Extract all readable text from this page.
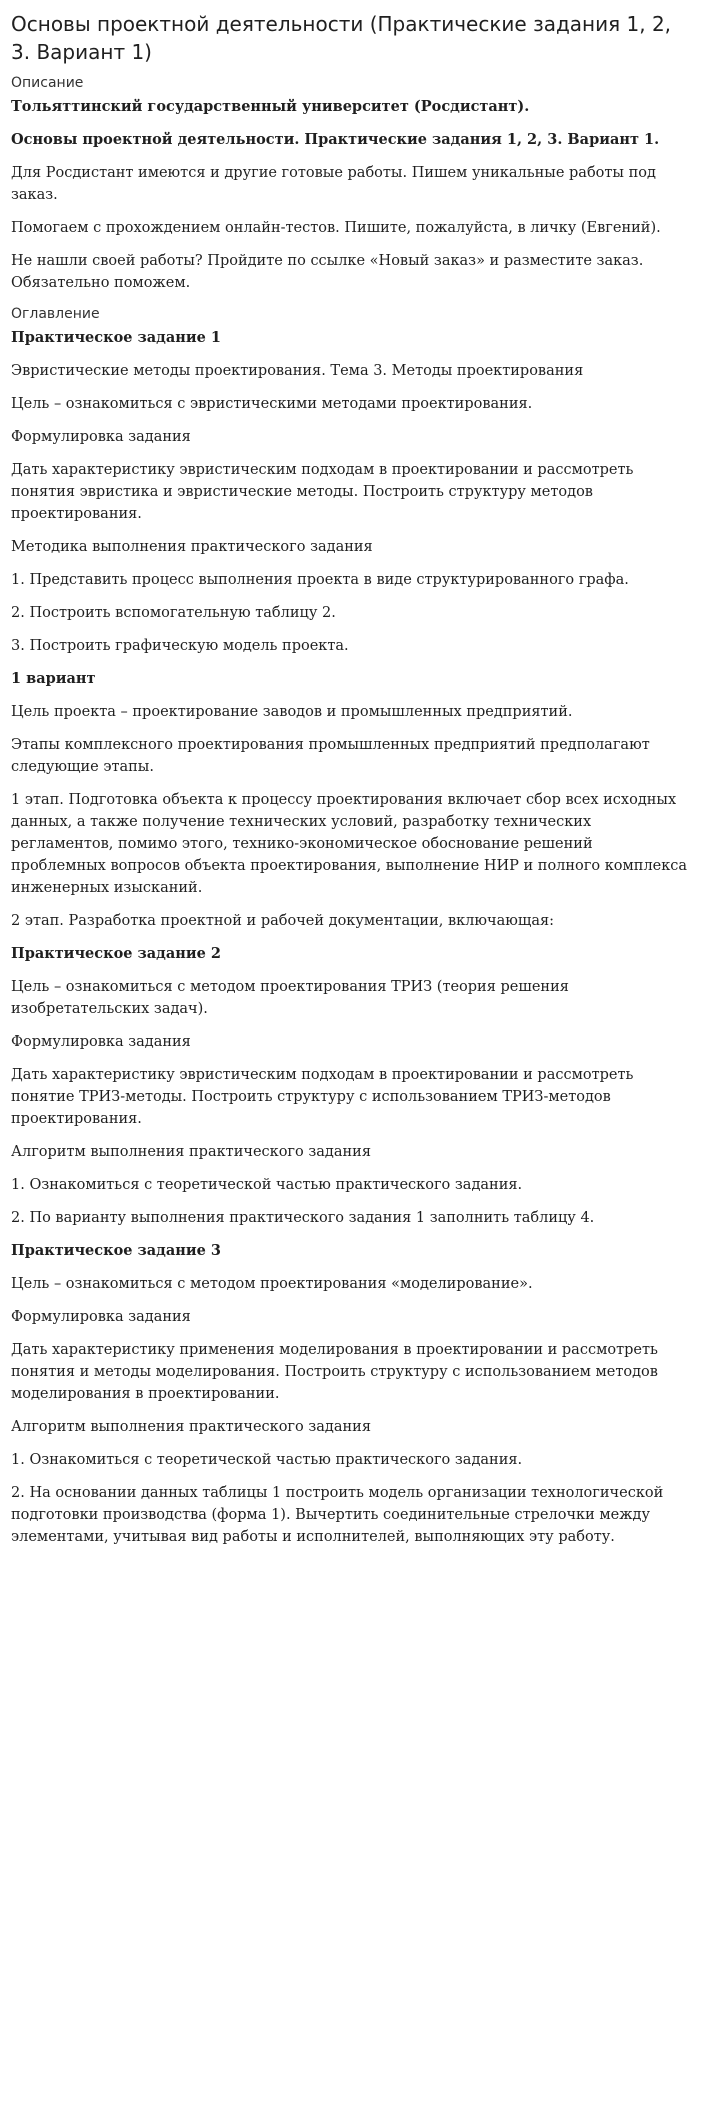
Основы проектной деятельности (Практические задания 1, 2, 3. Вариант 1)
Описание

Тольяттинский государственный университет (Росдистант).

Основы проектной деятельности. Практические задания 1, 2, 3. Вариант 1.

Для Росдистант имеются и другие готовые работы. Пишем уникальные работы под заказ.

Помогаем с прохождением онлайн-тестов. Пишите, пожалуйста, в личку (Евгений).

Не нашли своей работы? Пройдите по ссылке «Новый заказ» и разместите заказ. Обязательно поможем.

Оглавление

Практическое задание 1

Эвристические методы проектирования. Тема 3. Методы проектирования

Цель – ознакомиться с эвристическими методами проектирования.

Формулировка задания

Дать характеристику эвристическим подходам в проектировании и рассмотреть понятия эвристика и эвристические методы. Построить структуру методов проектирования.

Методика выполнения практического задания

1. Представить процесс выполнения проекта в виде структурированного графа.

2. Построить вспомогательную таблицу 2.

3. Построить графическую модель проекта.

1 вариант

Цель проекта – проектирование заводов и промышленных предприятий.

Этапы комплексного проектирования промышленных предприятий предполагают следующие этапы.

1 этап. Подготовка объекта к процессу проектирования включает сбор всех исходных данных, а также получение технических условий, разработку технических регламентов, помимо этого, технико-экономическое обоснование решений проблемных вопросов объекта проектирования, выполнение НИР и полного комплекса инженерных изысканий.

2 этап. Разработка проектной и рабочей документации, включающая:

Практическое задание 2

Цель – ознакомиться с методом проектирования ТРИЗ (теория решения изобретательских задач).

Формулировка задания

Дать характеристику эвристическим подходам в проектировании и рассмотреть понятие ТРИЗ-методы. Построить структуру с использованием ТРИЗ-методов проектирования.

Алгоритм выполнения практического задания

1. Ознакомиться с теоретической частью практического задания.

2. По варианту выполнения практического задания 1 заполнить таблицу 4.

Практическое задание 3

Цель – ознакомиться с методом проектирования «моделирование».

Формулировка задания

Дать характеристику применения моделирования в проектировании и рассмотреть понятия и методы моделирования. Построить структуру с использованием методов моделирования в проектировании.

Алгоритм выполнения практического задания

1. Ознакомиться с теоретической частью практического задания.

2. На основании данных таблицы 1 построить модель организации технологической подготовки производства (форма 1). Вычертить соединительные стрелочки между элементами, учитывая вид работы и исполнителей, выполняющих эту работу.
